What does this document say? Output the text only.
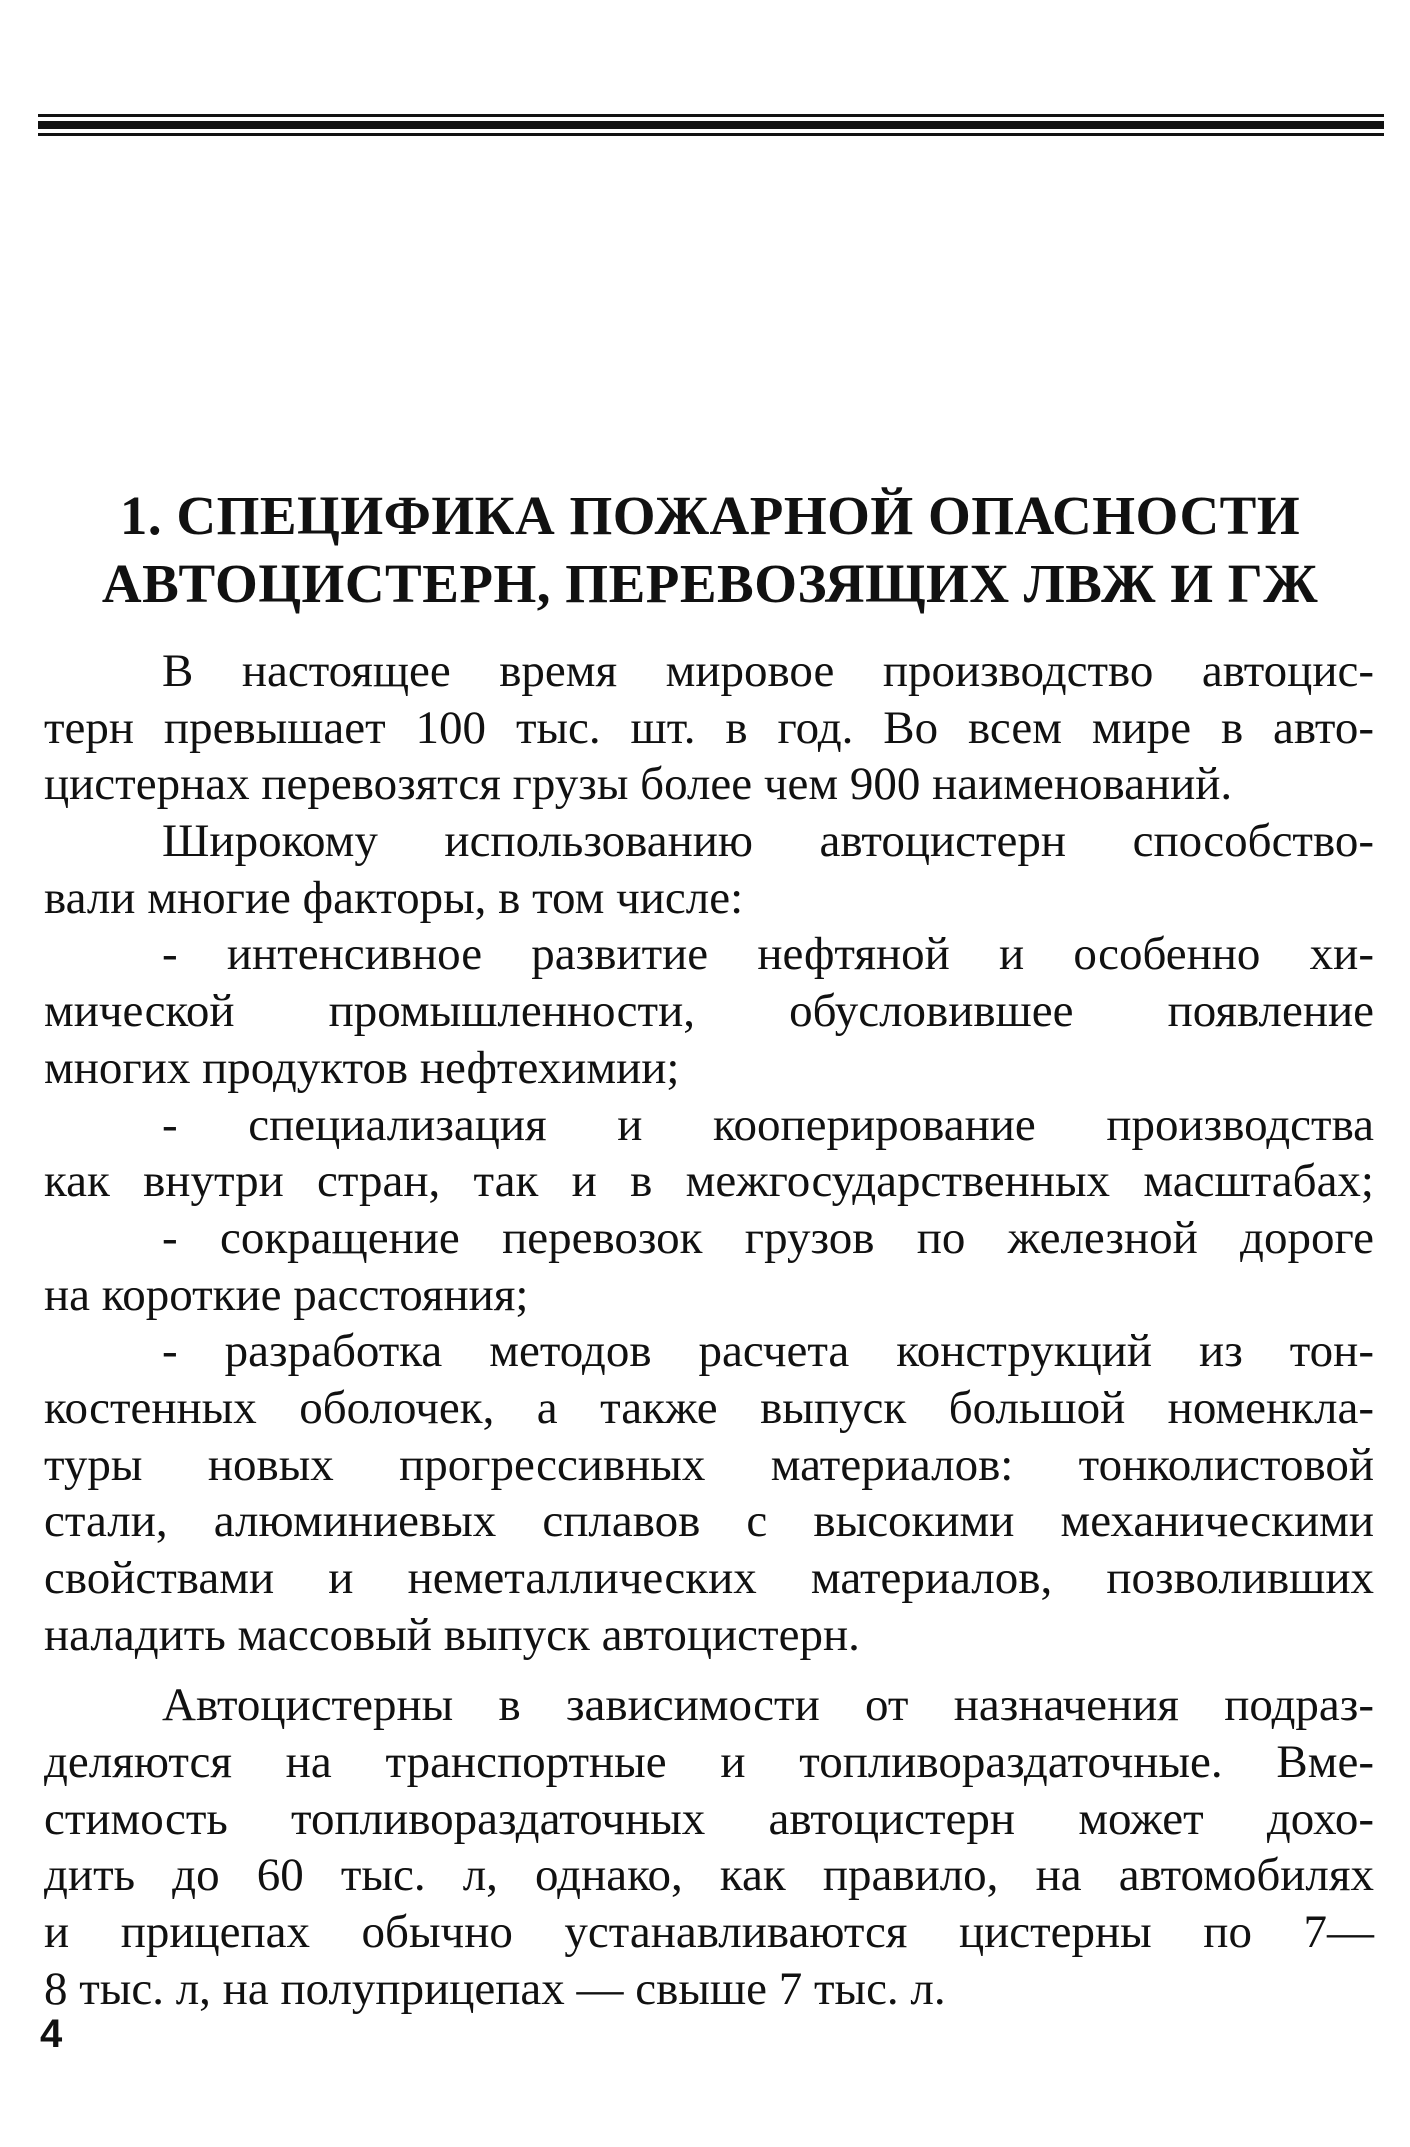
1. СПЕЦИФИКА ПОЖАРНОЙ ОПАСНОСТИ
АВТОЦИСТЕРН, ПЕРЕВОЗЯЩИХ ЛВЖ И ГЖ
В настоящее время мировое производство автоцис-
терн превышает 100 тыс. шт. в год. Во всем мире в авто-
цистернах перевозятся грузы более чем 900 наименований.
Широкому использованию автоцистерн способство-
вали многие факторы, в том числе:
- интенсивное развитие нефтяной и особенно хи-
мической промышленности, обусловившее появление
многих продуктов нефтехимии;
- специализация и кооперирование производства
как внутри стран, так и в межгосударственных масштабах;
- сокращение перевозок грузов по железной дороге
на короткие расстояния;
- разработка методов расчета конструкций из тон-
костенных оболочек, а также выпуск большой номенкла-
туры новых прогрессивных материалов: тонколистовой
стали, алюминиевых сплавов с высокими механическими
свойствами и неметаллических материалов, позволивших
наладить массовый выпуск автоцистерн.
Автоцистерны в зависимости от назначения подраз-
деляются на транспортные и топливораздаточные. Вме-
стимость топливораздаточных автоцистерн может дохо-
дить до 60 тыс. л, однако, как правило, на автомобилях
и прицепах обычно устанавливаются цистерны по 7—
8 тыс. л, на полуприцепах — свыше 7 тыс. л.
4
